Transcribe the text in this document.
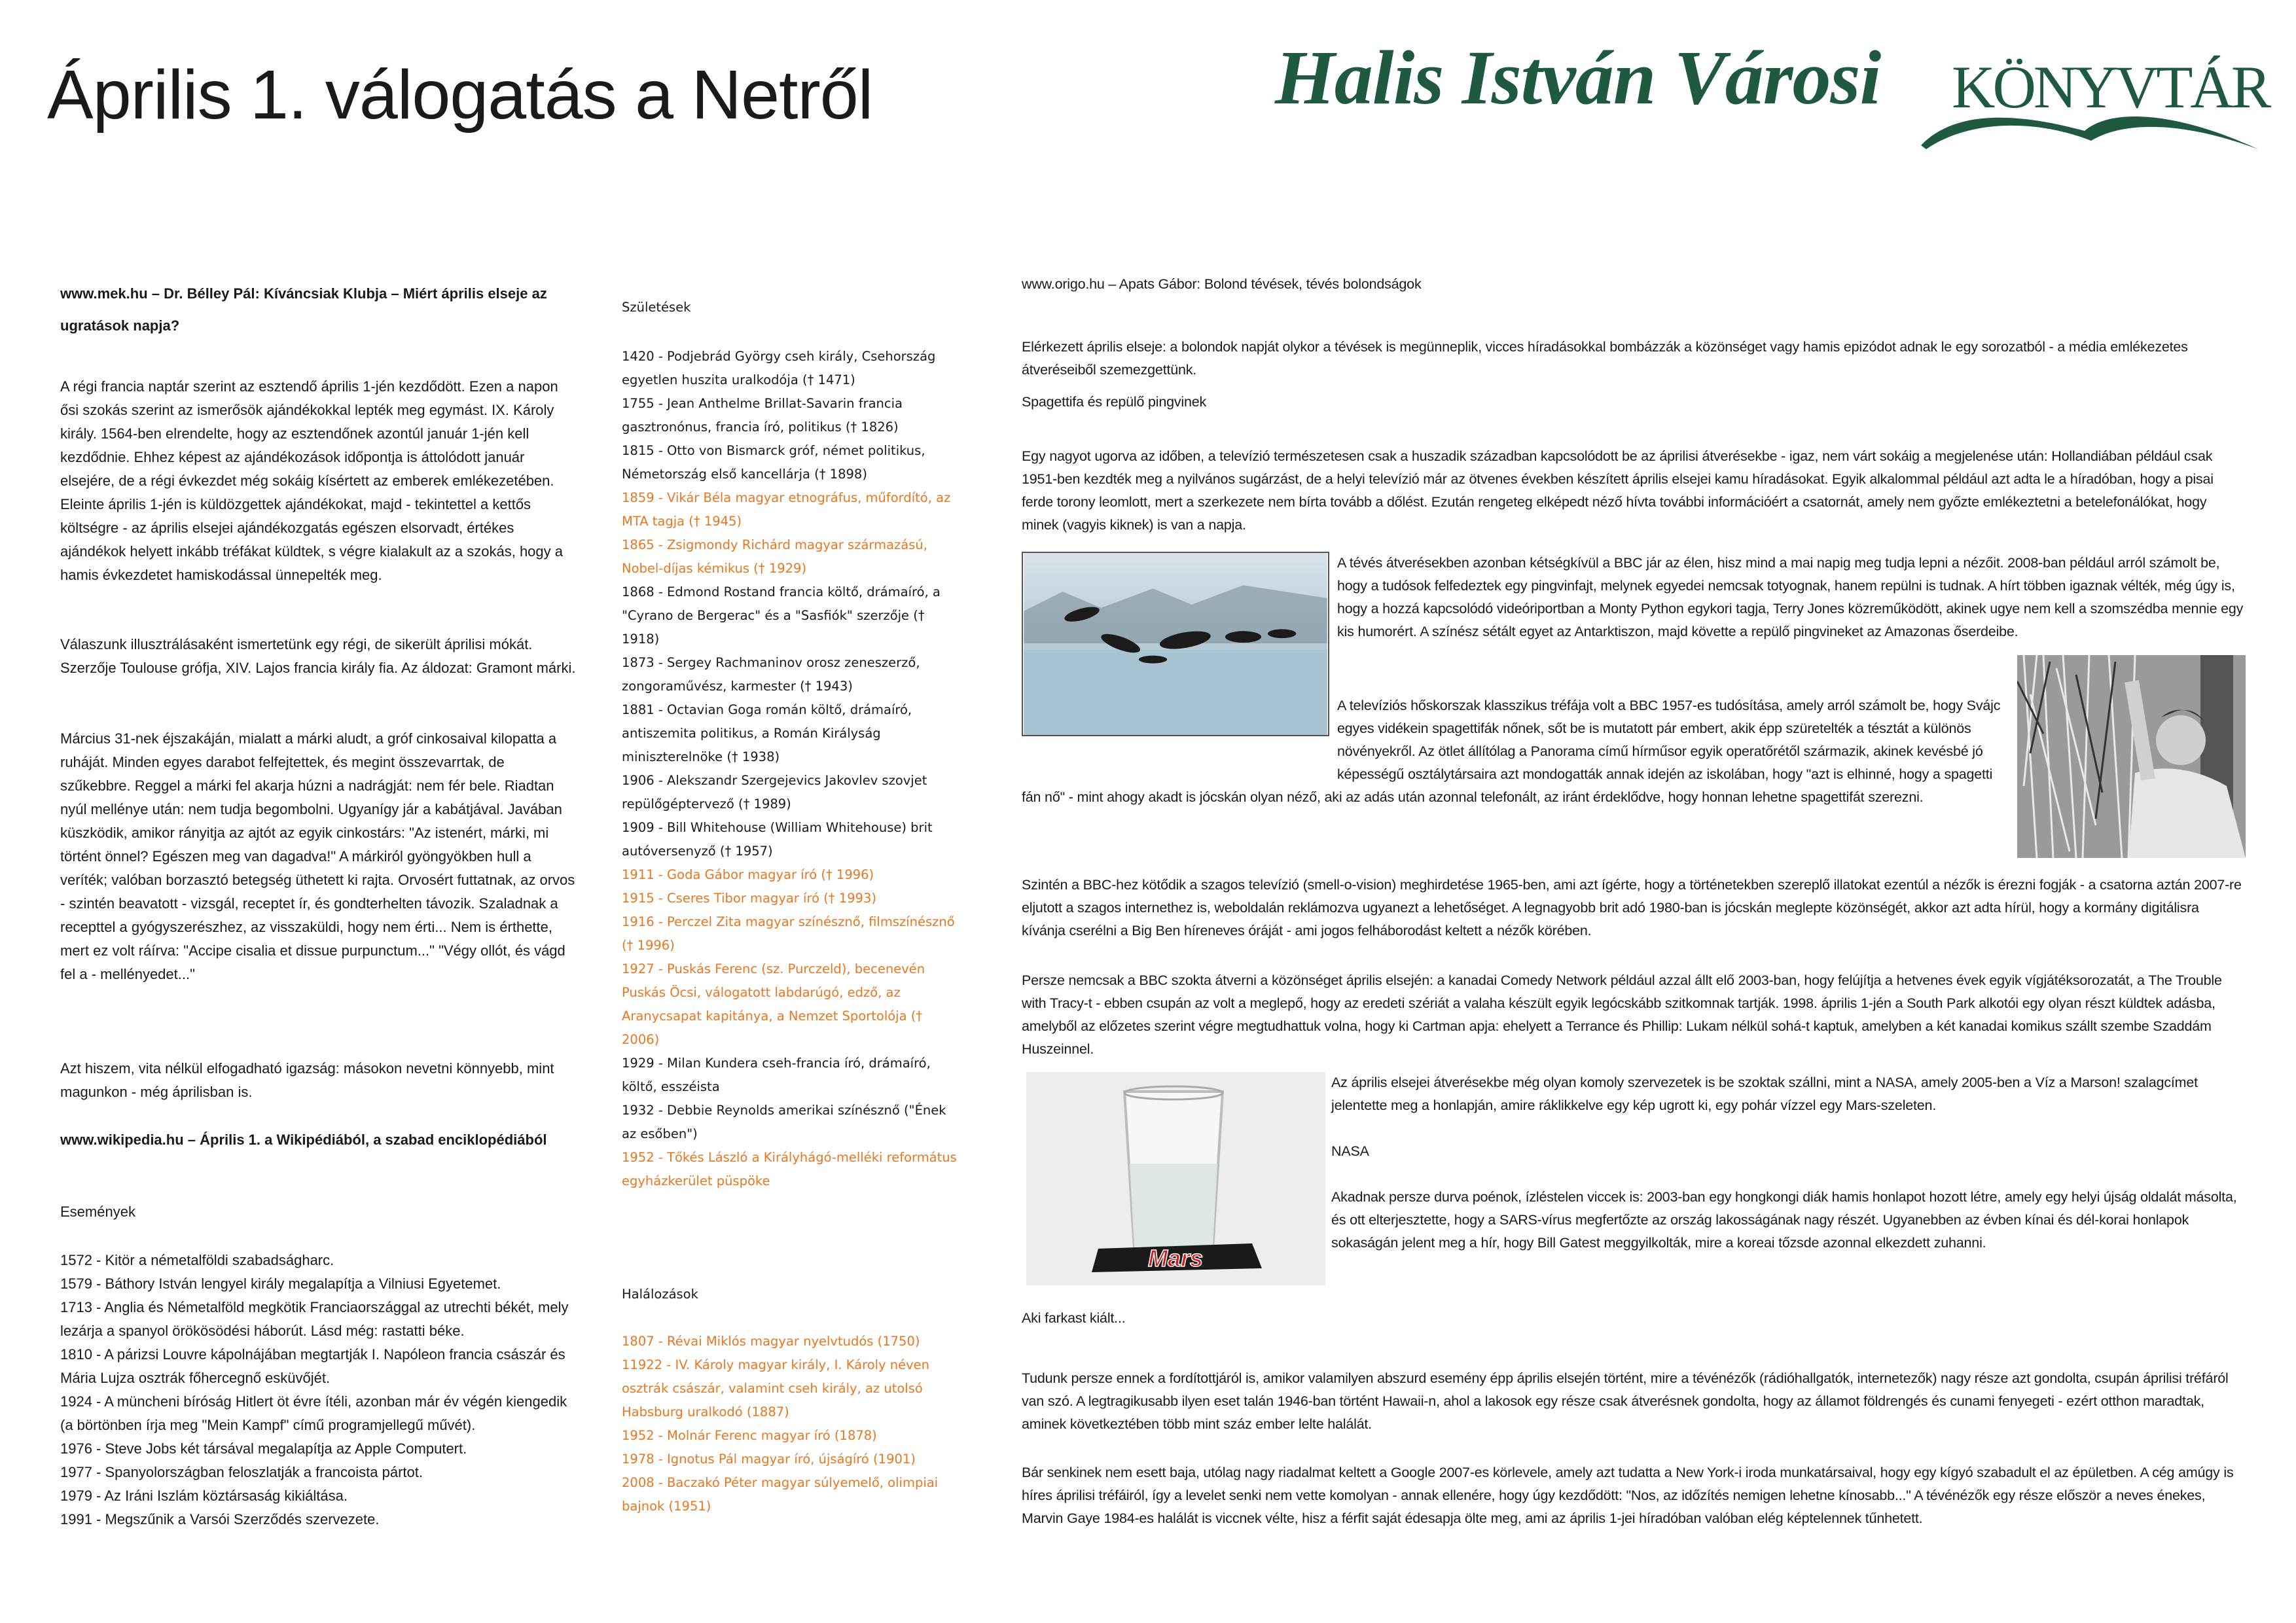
Április 1. válogatás a Netről	Halis István Városi KÖNYVTÁR
www.mek.hu – Dr. Bélley Pál: Kíváncsiak Klubja – Miért április elseje az ugratások napja?

A régi francia naptár szerint az esztendő április 1-jén kezdődött. Ezen a napon ősi szokás szerint az ismerősök ajándékokkal lepték meg egymást. IX. Károly király. 1564-ben elrendelte, hogy az esztendőnek azontúl január 1-jén kell kezdődnie. Ehhez képest az ajándékozások időpontja is áttolódott január elsejére, de a régi évkezdet még sokáig kísértett az emberek emlékezetében. Eleinte április 1-jén is küldözgettek ajándékokat, majd - tekintettel a kettős költségre - az április elsejei ajándékozgatás egészen elsorvadt, értékes ajándékok helyett inkább tréfákat küldtek, s végre kialakult az a szokás, hogy a hamis évkezdetet hamiskodással ünnepelték meg.

Válaszunk illusztrálásaként ismertetünk egy régi, de sikerült áprilisi mókát. Szerzője Toulouse grófja, XIV. Lajos francia király fia. Az áldozat: Gramont márki.

Március 31-nek éjszakáján, mialatt a márki aludt, a gróf cinkosaival kilopatta a ruháját. Minden egyes darabot felfejtettek, és megint összevarrtak, de szűkebbre. Reggel a márki fel akarja húzni a nadrágját: nem fér bele. Riadtan nyúl mellénye után: nem tudja begombolni. Ugyanígy jár a kabátjával. Javában küszködik, amikor rányitja az ajtót az egyik cinkostárs: "Az istenért, márki, mi történt önnel? Egészen meg van dagadva!" A márkiról gyöngyökben hull a veríték; valóban borzasztó betegség üthetett ki rajta. Orvosért futtatnak, az orvos - szintén beavatott - vizsgál, receptet ír, és gondterhelten távozik. Szaladnak a recepttel a gyógyszerészhez, az visszaküldi, hogy nem érti... Nem is érthette, mert ez volt ráírva: "Accipe cisalia et dissue purpunctum..." "Végy ollót, és vágd fel a - mellényedet..."

Azt hiszem, vita nélkül elfogadható igazság: másokon nevetni könnyebb, mint magunkon - még áprilisban is.

www.wikipedia.hu – Április 1. a Wikipédiából, a szabad enciklopédiából
Események
1572 - Kitör a németalföldi szabadságharc.
1579 - Báthory István lengyel király megalapítja a Vilniusi Egyetemet.
1713 - Anglia és Németalföld megkötik Franciaországgal az utrechti békét, mely lezárja a spanyol örökösödési háborút. Lásd még: rastatti béke.
1810 - A párizsi Louvre kápolnájában megtartják I. Napóleon francia császár és Mária Lujza osztrák főhercegnő esküvőjét.
1924 - A müncheni bíróság Hitlert öt évre ítéli, azonban már év végén kiengedik (a börtönben írja meg "Mein Kampf" című programjellegű művét).
1976 - Steve Jobs két társával megalapítja az Apple Computert.
1977 - Spanyolországban feloszlatják a francoista pártot.
1979 - Az Iráni Iszlám köztársaság kikiáltása.
1991 - Megszűnik a Varsói Szerződés szervezete.
Születések
1420 - Podjebrád György cseh király, Csehország egyetlen huszita uralkodója († 1471)
1755 - Jean Anthelme Brillat-Savarin francia gasztronónus, francia író, politikus († 1826)
1815 - Otto von Bismarck gróf, német politikus, Németország első kancellárja († 1898)
1859 - Vikár Béla magyar etnográfus, műfordító, az MTA tagja († 1945)
1865 - Zsigmondy Richárd magyar származású, Nobel-díjas kémikus († 1929)
1868 - Edmond Rostand francia költő, drámaíró, a "Cyrano de Bergerac" és a "Sasfiók" szerzője († 1918)
1873 - Sergey Rachmaninov orosz zeneszerző, zongoraművész, karmester († 1943)
1881 - Octavian Goga román költő, drámaíró, antiszemita politikus, a Román Királyság miniszterelnöke († 1938)
1906 - Alekszandr Szergejevics Jakovlev szovjet repülőgéptervező († 1989)
1909 - Bill Whitehouse (William Whitehouse) brit autóversenyző († 1957)
1911 - Goda Gábor magyar író († 1996)
1915 - Cseres Tibor magyar író († 1993)
1916 - Perczel Zita magyar színésznő, filmszínésznő († 1996)
1927 - Puskás Ferenc (sz. Purczeld), becenevén Puskás Öcsi, válogatott labdarúgó, edző, az Aranycsapat kapitánya, a Nemzet Sportolója († 2006)
1929 - Milan Kundera cseh-francia író, drámaíró, költő, esszéista
1932 - Debbie Reynolds amerikai színésznő ("Ének az esőben")
1952 - Tőkés László a Királyhágó-melléki református egyházkerület püspöke
Halálozások
1807 - Révai Miklós magyar nyelvtudós (1750)
11922 - IV. Károly magyar király, I. Károly néven osztrák császár, valamint cseh király, az utolsó Habsburg uralkodó (1887)
1952 - Molnár Ferenc magyar író (1878)
1978 - Ignotus Pál magyar író, újságíró (1901)
2008 - Baczakó Péter magyar súlyemelő, olimpiai bajnok (1951)
www.origo.hu – Apats Gábor: Bolond tévések, tévés bolondságok

Elérkezett április elseje: a bolondok napját olykor a tévések is megünneplik, vicces híradásokkal bombázzák a közönséget vagy hamis epizódot adnak le egy sorozatból - a média emlékezetes átveréseiből szemezgettünk.

Spagettifa és repülő pingvinek

Egy nagyot ugorva az időben, a televízió természetesen csak a huszadik században kapcsolódott be az áprilisi átverésekbe - igaz, nem várt sokáig a megjelenése után: Hollandiában például csak 1951-ben kezdték meg a nyilvános sugárzást, de a helyi televízió már az ötvenes években készített április elsejei kamu híradásokat. Egyik alkalommal például azt adta le a híradóban, hogy a pisai ferde torony leomlott, mert a szerkezete nem bírta tovább a dőlést. Ezután rengeteg elképedt néző hívta további információért a csatornát, amely nem győzte emlékeztetni a betelefonálókat, hogy minek (vagyis kiknek) is van a napja.

A tévés átverésekben azonban kétségkívül a BBC jár az élen, hisz mind a mai napig meg tudja lepni a nézőit. 2008-ban például arról számolt be, hogy a tudósok felfedeztek egy pingvinfajt, melynek egyedei nemcsak totyognak, hanem repülni is tudnak. A hírt többen igaznak vélték, még úgy is, hogy a hozzá kapcsolódó videóriportban a Monty Python egykori tagja, Terry Jones közreműködött, akinek ugye nem kell a szomszédba mennie egy kis humorért. A színész sétált egyet az Antarktiszon, majd követte a repülő pingvineket az Amazonas őserdeibe.

A televíziós hőskorszak klasszikus tréfája volt a BBC 1957-es tudósítása, amely arról számolt be, hogy Svájc egyes vidékein spagettifák nőnek, sőt be is mutatott pár embert, akik épp szüretelték a tésztát a különös növényekről. Az ötlet állítólag a Panorama című hírműsor egyik operatőrétől származik, akinek kevésbé jó képességű osztálytársaira azt mondogatták annak idején az iskolában, hogy "azt is elhinné, hogy a spagetti fán nő" - mint ahogy akadt is jócskán olyan néző, aki az adás után azonnal telefonált, az iránt érdeklődve, hogy honnan lehetne spagettifát szerezni.

Szintén a BBC-hez kötődik a szagos televízió (smell-o-vision) meghirdetése 1965-ben, ami azt ígérte, hogy a történetekben szereplő illatokat ezentúl a nézők is érezni fogják - a csatorna aztán 2007-re eljutott a szagos internethez is, weboldalán reklámozva ugyanezt a lehetőséget. A legnagyobb brit adó 1980-ban is jócskán meglepte közönségét, akkor azt adta hírül, hogy a kormány digitálisra kívánja cserélni a Big Ben híreneves óráját - ami jogos felháborodást keltett a nézők körében.

Persze nemcsak a BBC szokta átverni a közönséget április elsején: a kanadai Comedy Network például azzal állt elő 2003-ban, hogy felújítja a hetvenes évek egyik vígjátéksorozatát, a The Trouble with Tracy-t - ebben csupán az volt a meglepő, hogy az eredeti szériát a valaha készült egyik legócskább szitkomnak tartják. 1998. április 1-jén a South Park alkotói egy olyan részt küldtek adásba, amelyből az előzetes szerint végre megtudhattuk volna, hogy ki Cartman apja: ehelyett a Terrance és Phillip: Lukam nélkül sohá-t kaptuk, amelyben a két kanadai komikus szállt szembe Szaddám Huszeinnel.

Mars

Az április elsejei átverésekbe még olyan komoly szervezetek is be szoktak szállni, mint a NASA, amely 2005-ben a Víz a Marson! szalagcímet jelentette meg a honlapján, amire ráklikkelve egy kép ugrott ki, egy pohár vízzel egy Mars-szeleten.

NASA

Akadnak persze durva poénok, ízléstelen viccek is: 2003-ban egy hongkongi diák hamis honlapot hozott létre, amely egy helyi újság oldalát másolta, és ott elterjesztette, hogy a SARS-vírus megfertőzte az ország lakosságának nagy részét. Ugyanebben az évben kínai és dél-korai honlapok sokaságán jelent meg a hír, hogy Bill Gatest meggyilkolták, mire a koreai tőzsde azonnal elkezdett zuhanni.

Aki farkast kiált...

Tudunk persze ennek a fordítottjáról is, amikor valamilyen abszurd esemény épp április elsején történt, mire a tévénézők (rádióhallgatók, internetezők) nagy része azt gondolta, csupán áprilisi tréfáról van szó. A legtragikusabb ilyen eset talán 1946-ban történt Hawaii-n, ahol a lakosok egy része csak átverésnek gondolta, hogy az államot földrengés és cunami fenyegeti - ezért otthon maradtak, aminek következtében több mint száz ember lelte halálát.

Bár senkinek nem esett baja, utólag nagy riadalmat keltett a Google 2007-es körlevele, amely azt tudatta a New York-i iroda munkatársaival, hogy egy kígyó szabadult el az épületben. A cég amúgy is híres áprilisi tréfáiról, így a levelet senki nem vette komolyan - annak ellenére, hogy úgy kezdődött: "Nos, az időzítés nemigen lehetne kínosabb..." A tévénézők egy része először a neves énekes, Marvin Gaye 1984-es halálát is viccnek vélte, hisz a férfit saját édesapja ölte meg, ami az április 1-jei híradóban valóban elég képtelennek tűnhetett.
